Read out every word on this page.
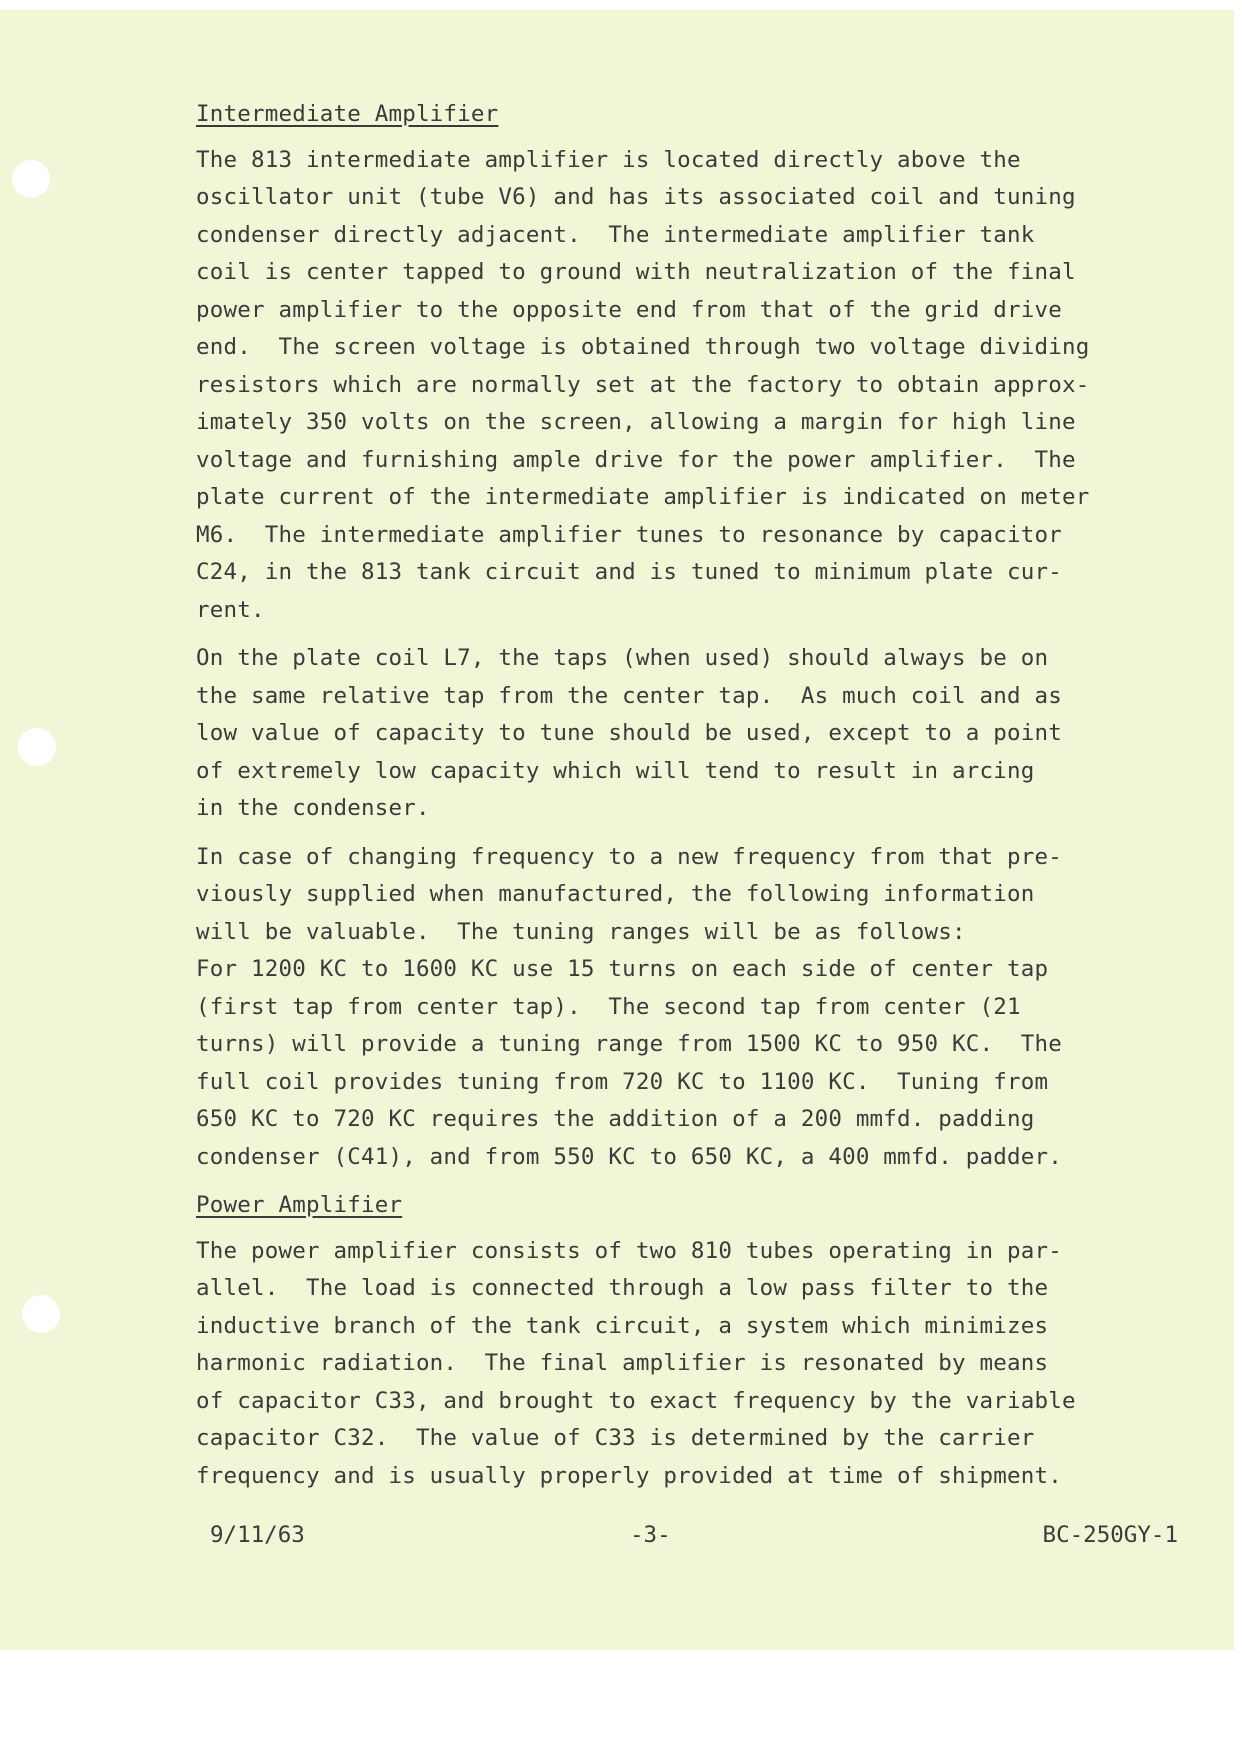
Intermediate Amplifier
The 813 intermediate amplifier is located directly above the
oscillator unit (tube V6) and has its associated coil and tuning
condenser directly adjacent.  The intermediate amplifier tank
coil is center tapped to ground with neutralization of the final
power amplifier to the opposite end from that of the grid drive
end.  The screen voltage is obtained through two voltage dividing
resistors which are normally set at the factory to obtain approx-
imately 350 volts on the screen, allowing a margin for high line
voltage and furnishing ample drive for the power amplifier.  The
plate current of the intermediate amplifier is indicated on meter
M6.  The intermediate amplifier tunes to resonance by capacitor
C24, in the 813 tank circuit and is tuned to minimum plate cur-
rent.
On the plate coil L7, the taps (when used) should always be on
the same relative tap from the center tap.  As much coil and as
low value of capacity to tune should be used, except to a point
of extremely low capacity which will tend to result in arcing
in the condenser.
In case of changing frequency to a new frequency from that pre-
viously supplied when manufactured, the following information
will be valuable.  The tuning ranges will be as follows:
For 1200 KC to 1600 KC use 15 turns on each side of center tap
(first tap from center tap).  The second tap from center (21
turns) will provide a tuning range from 1500 KC to 950 KC.  The
full coil provides tuning from 720 KC to 1100 KC.  Tuning from
650 KC to 720 KC requires the addition of a 200 mmfd. padding
condenser (C41), and from 550 KC to 650 KC, a 400 mmfd. padder.
Power Amplifier
The power amplifier consists of two 810 tubes operating in par-
allel.  The load is connected through a low pass filter to the
inductive branch of the tank circuit, a system which minimizes
harmonic radiation.  The final amplifier is resonated by means
of capacitor C33, and brought to exact frequency by the variable
capacitor C32.  The value of C33 is determined by the carrier
frequency and is usually properly provided at time of shipment.
9/11/63	-3-	BC-250GY-1
